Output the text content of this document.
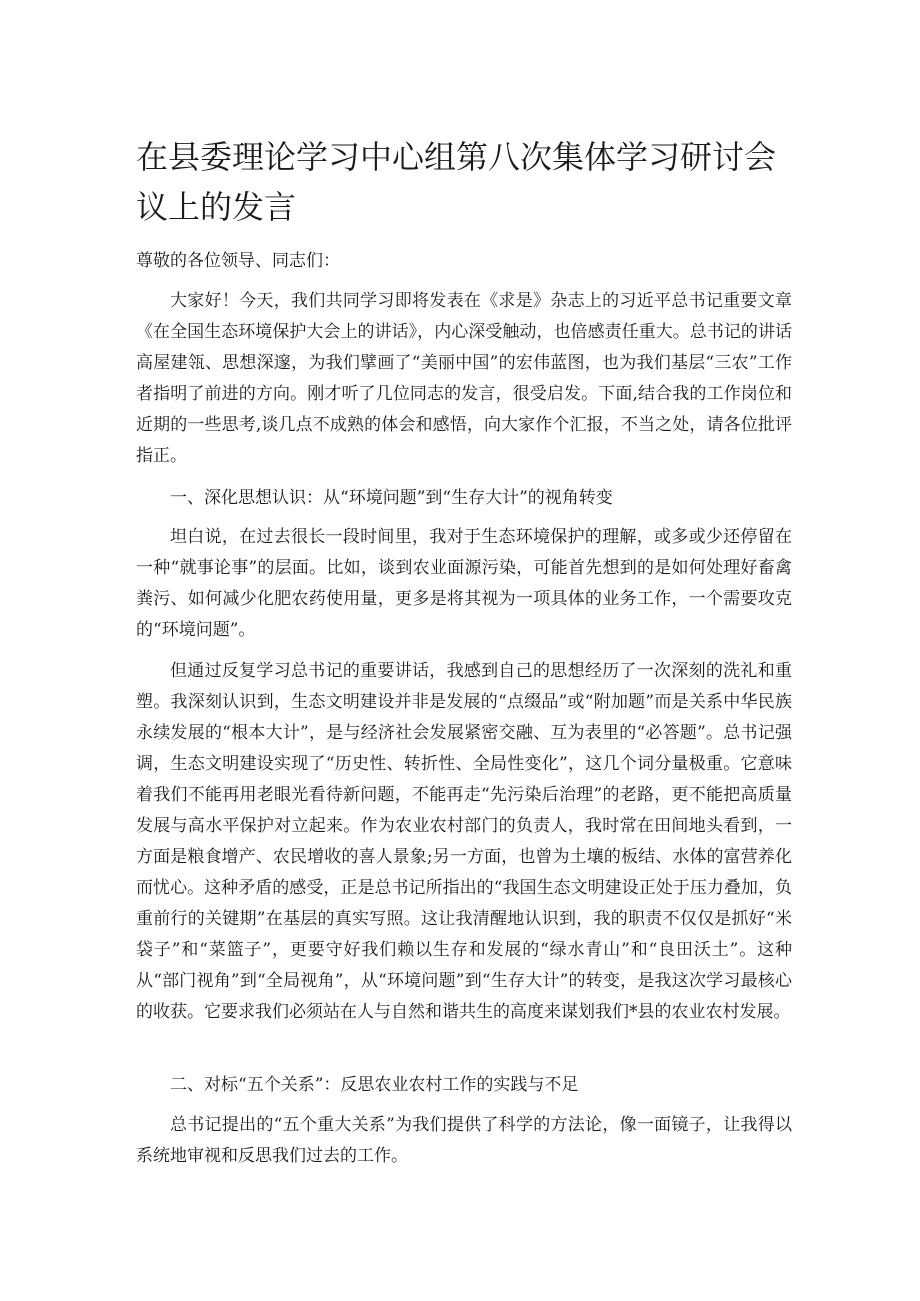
在县委理论学习中心组第八次集体学习研讨会议上的发言

尊敬的各位领导、同志们：

大家好！今天，我们共同学习即将发表在《求是》杂志上的习近平总书记重要文章《在全国生态环境保护大会上的讲话》，内心深受触动，也倍感责任重大。总书记的讲话高屋建瓴、思想深邃，为我们擘画了“美丽中国”的宏伟蓝图，也为我们基层“三农”工作者指明了前进的方向。刚才听了几位同志的发言，很受启发。下面,结合我的工作岗位和近期的一些思考,谈几点不成熟的体会和感悟，向大家作个汇报，不当之处，请各位批评指正。

一、深化思想认识：从“环境问题”到“生存大计”的视角转变

坦白说，在过去很长一段时间里，我对于生态环境保护的理解，或多或少还停留在一种“就事论事”的层面。比如，谈到农业面源污染，可能首先想到的是如何处理好畜禽粪污、如何减少化肥农药使用量，更多是将其视为一项具体的业务工作，一个需要攻克的“环境问题”。

但通过反复学习总书记的重要讲话，我感到自己的思想经历了一次深刻的洗礼和重塑。我深刻认识到，生态文明建设并非是发展的“点缀品”或“附加题”而是关系中华民族永续发展的“根本大计”，是与经济社会发展紧密交融、互为表里的“必答题”。总书记强调，生态文明建设实现了“历史性、转折性、全局性变化”，这几个词分量极重。它意味着我们不能再用老眼光看待新问题，不能再走“先污染后治理”的老路，更不能把高质量发展与高水平保护对立起来。作为农业农村部门的负责人，我时常在田间地头看到，一方面是粮食增产、农民增收的喜人景象;另一方面，也曾为土壤的板结、水体的富营养化而忧心。这种矛盾的感受，正是总书记所指出的“我国生态文明建设正处于压力叠加，负重前行的关键期”在基层的真实写照。这让我清醒地认识到，我的职责不仅仅是抓好“米袋子”和“菜篮子”，更要守好我们赖以生存和发展的“绿水青山”和“良田沃土”。这种从“部门视角”到“全局视角”，从“环境问题”到“生存大计”的转变，是我这次学习最核心的收获。它要求我们必须站在人与自然和谐共生的高度来谋划我们*县的农业农村发展。

二、对标“五个关系”：反思农业农村工作的实践与不足

总书记提出的“五个重大关系”为我们提供了科学的方法论，像一面镜子，让我得以系统地审视和反思我们过去的工作。
